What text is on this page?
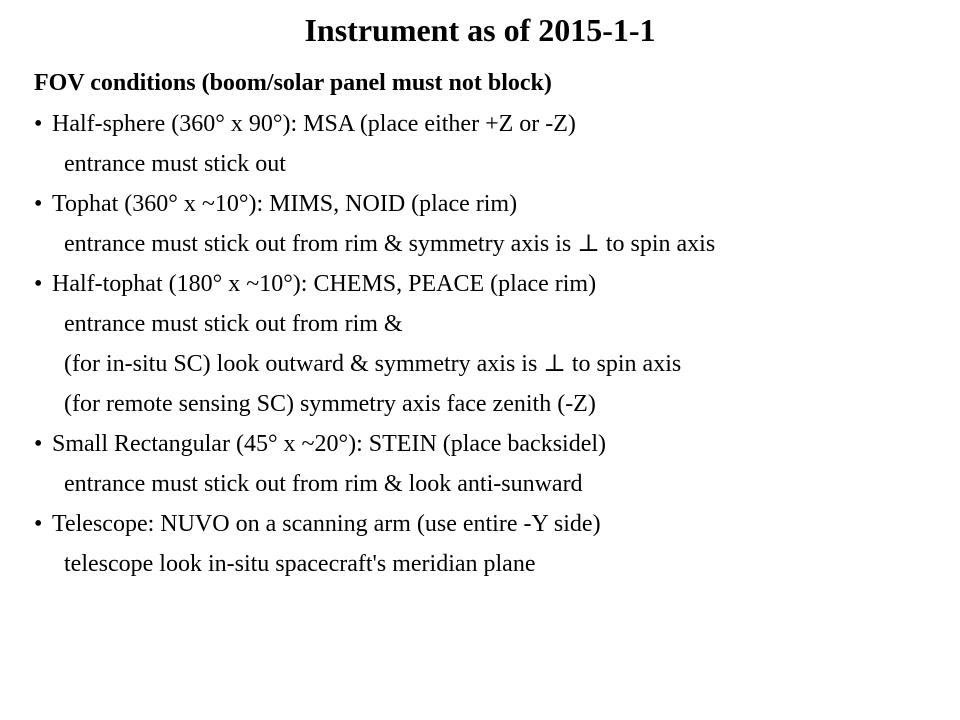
Instrument as of 2015-1-1
FOV conditions (boom/solar panel must not block)
• Half-sphere (360° x 90°): MSA (place either +Z or -Z)
entrance must stick out
• Tophat (360° x ~10°): MIMS, NOID (place rim)
entrance must stick out from rim & symmetry axis is ⊥ to spin axis
• Half-tophat (180° x ~10°): CHEMS, PEACE (place rim)
entrance must stick out from rim &
(for in-situ SC) look outward & symmetry axis is ⊥ to spin axis
(for remote sensing SC) symmetry axis face zenith (-Z)
• Small Rectangular (45° x ~20°): STEIN (place backsidel)
entrance must stick out from rim & look anti-sunward
• Telescope: NUVO on a scanning arm (use entire -Y side)
telescope look in-situ spacecraft's meridian plane
